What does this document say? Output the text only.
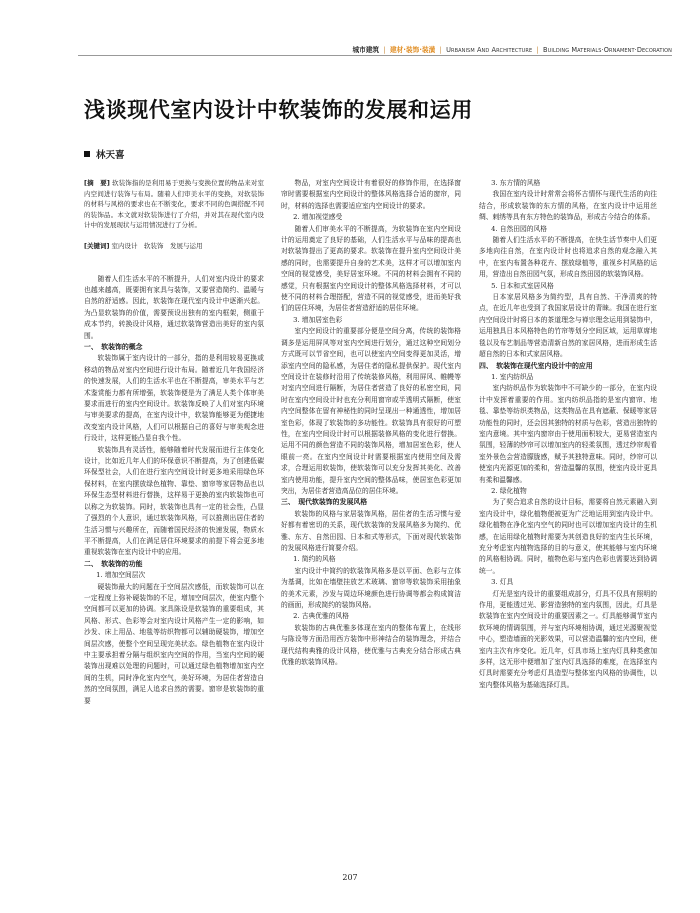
城市建筑 | 建材·装饰·装潢 | Urbanism And Architecture | Building Materials·Ornament·Decoration
浅谈现代室内设计中软装饰的发展和运用
林天喜

[摘　要] 软装饰指的是利用易于更换与变换位置的物品来对室内空间进行装饰与布局。随着人们审美水平的变换，对软装饰的材料与风格的要求也在不断变化，要求不同的色调搭配不同的装饰品。本文就对软装饰进行了介绍，并对其在现代室内设计中的发展现状与运用情况进行了分析。

[关键词] 室内设计　软装饰　发展与运用

随着人们生活水平的不断提升，人们对室内设计的要求也越来越高，既要拥有家具与装饰，又要营造简约、温暖与自然的舒适感。因此，软装饰在现代室内设计中逐渐兴起。为凸显软装饰的价值，需要预设出独有的室内框架，侧重于成本节约，转换设计风格，通过软装饰营造出美好的室内氛围。

一、　软装饰的概念

软装饰属于室内设计的一部分，指的是利用较易更换或移动的物品对室内空间进行设计布局。随着近几年我国经济的快速发展，人们的生活水平也在不断提高，审美水平与艺术鉴赏能力都有所增强，软装饰便是为了满足人类个体审美要求而进行的室内空间设计。软装饰反映了人们对室内环境与审美要求的提高，在室内设计中，软装饰能够更为便捷地改变室内设计风格，人们可以根据自己的喜好与审美观念进行设计，这样更能凸显自我个性。

软装饰具有灵活性，能够随着时代发展而进行主体变化设计，比如近几年人们的环保意识不断提高，为了创建低碳环保型社会，人们在进行室内空间设计时更多地采用绿色环保材料，在室内摆放绿色植物、靠垫、窗帘等家居物品也以环保生态型材料进行替换，这样易于更换的室内软装饰也可以称之为软装饰。同时，软装饰也具有一定的社会性，凸显了强烈的个人意识，通过软装饰风格，可以推测出居住者的生活习惯与兴趣所在，而随着国民经济的快速发展，物质水平不断提高，人们在满足居住环境要求的前提下将会更多地重视软装饰在室内设计中的应用。

二、　软装饰的功能
1. 增加空间层次

硬装饰最大的问题在于空间层次感低，而软装饰可以在一定程度上弥补硬装饰的不足，增加空间层次，使室内整个空间都可以更加的协调。家具陈设是软装饰的重要组成，其风格、形式、色彩等会对室内设计风格产生一定的影响，如沙发、床上用品、地毯等纺织物都可以辅助硬装饰，增加空间层次感，使整个空间呈现完美状态。绿色植物在室内设计中主要承担着分隔与组织室内空间的作用，当室内空间的硬装饰出现难以处理的问题时，可以通过绿色植物增加室内空间的生机，同时净化室内空气，美好环境，为居住者营造自然的空间氛围，满足人追求自然的需要。窗帘是软装饰的重要

物品，对室内空间设计有着很好的修饰作用，在选择窗帘时需要根据室内空间设计的整体风格选择合适的窗帘，同时，材料的选择也需要适应室内空间设计的要求。

2. 增加视觉感受

随着人们审美水平的不断提高，为软装饰在室内空间设计的运用奠定了良好的基础，人们生活水平与品味的提高也对软装饰提出了更高的要求。软装饰在提升室内空间设计美感的同时，也需要提升自身的艺术美，这样才可以增加室内空间的视觉感受，美好居室环境。不同的材料会拥有不同的感觉，只有根据室内空间设计的整体风格选择材料，才可以使不同的材料合理搭配，营造不同的视觉感受，进而美好我们的居住环境，为居住者营造舒适的居住环境。

3. 增加居室色彩

室内空间设计的重要部分便是空间分离，传统的装饰格调多是运用屏风等对室内空间进行划分，通过这种空间划分方式既可以节省空间，也可以使室内空间变得更加灵活，增添室内空间的隐私感，为居住者的隐私提供保护。现代室内空间设计在装修时沿用了传统装修风格，利用屏风、帷幔等对室内空间进行隔断，为居住者营造了良好的私密空间，同时在室内空间设计时也充分利用窗帘或半透明式隔断，使室内空间整体在留有神秘性的同时呈现出一种通透性，增加居室色彩，体现了软装饰的多功能性。软装饰具有很好的可塑性，在室内空间设计时可以根据装修风格的变化进行替换。运用不同的颜色营造不同的装饰风格，增加居室色彩，使人眼前一亮。在室内空间设计时需要根据室内使用空间及需求，合理运用软装饰，使软装饰可以充分发挥其美化、改善室内使用功能，提升室内空间的整体品味，使居室色彩更加突出，为居住者营造高品位的居住环境。

三、　现代软装饰的发展风格

软装饰的风格与家居装饰风格，居住者的生活习惯与爱好都有着密切的关系，现代软装饰的发展风格多为简约、优雅、东方、自然田园、日本和式等形式，下面对现代软装饰的发展风格进行简要介绍。

1. 简约的风格

室内设计中简约的软装饰风格多是以平面、色彩与立体为基调，比如在墙壁挂放艺术玻璃、窗帘等软装饰采用抽象的美术元素，沙发与周边环境颜色进行协调等都会构成简洁的画面，形成简约的装饰风格。

2. 古典优雅的风格

软装饰的古典优雅多体现在室内的整体布置上，在线形与陈设等方面沿用西方装饰中形神结合的装饰理念，并结合现代结构典雅的设计风格，使优雅与古典充分结合形成古典优雅的软装饰风格。

3. 东方情的风格

我国在室内设计时常常会将怀古情怀与现代生活的向往结合，形成软装饰的东方情的风格，在室内设计中运用丝绸、刺绣等具有东方特色的装饰品，形成古今结合的体系。

4. 自然田园的风格

随着人们生活水平的不断提高，在快生活节奏中人们更多地向往自然，在室内设计时也将追求自然的观念融入其中，在室内布置各种花卉、摆放绿植等，重视乡村风格的运用，营造出自然田园气氛，形成自然田园的软装饰风格。

5. 日本和式室居风格

日本家居风格多为简约型，具有自然、干净清爽的特点，在近几年也受到了我国家居设计的青睐。我国在进行室内空间设计时将日本的茶道理念与禅宗理念运用到装饰中，运用独具日本风格特色的竹帘等划分空间区域，运用草席地毯以及布艺制品等营造清新自然的家居风格，进而形成生活超自然的日本和式家居风格。

四、　软装饰在现代室内设计中的应用
1. 室内纺织品

室内纺织品作为软装饰中不可缺少的一部分，在室内设计中发挥着重要的作用。室内纺织品指的是室内窗帘、地毯、靠垫等纺织类物品，这类物品在具有遮蔽、保暖等家居功能性的同时，还会因其独特的材质与色彩，营造出独特的室内意境。其中室内窗帘由于使用面积较大，更易营造室内氛围，轻薄的纱帘可以增加室内的轻柔氛围，透过纱帘观看室外景色会营造朦胧感，赋予其独特意味。同时，纱帘可以使室内光源更加的柔和，营造温馨的氛围，使室内设计更具有柔和温馨感。

2. 绿化植物

为了契合追求自然的设计目标，需要将自然元素融入到室内设计中，绿化植物便被更为广泛地运用到室内设计中。绿化植物在净化室内空气的同时也可以增加室内设计的生机感，在运用绿化植物时需要为其创造良好的室内生长环境，充分考虑室内植物选择的目的与意义，使其能够与室内环境的风格相协调。同时，植物色彩与室内色彩也需要达到协调统一。

3. 灯具

灯光是室内设计的重要组成部分，灯具不仅具有照明的作用，更能透过光、影营造独特的室内氛围，因此，灯具是软装饰在室内空间设计的重要因素之一。灯具能够调节室内软环境的情调氛围，并与室内环境相协调，通过光源聚视觉中心，塑造墙面的光影效果，可以营造温馨的室内空间，使室内主次有序变化。近几年，灯具市场上室内灯具种类愈加多样，这无形中便增加了室内灯具选择的难度，在选择室内灯具时需要充分考虑灯具造型与整体室内风格的协调性，以室内整体风格为基础选择灯具。

207
